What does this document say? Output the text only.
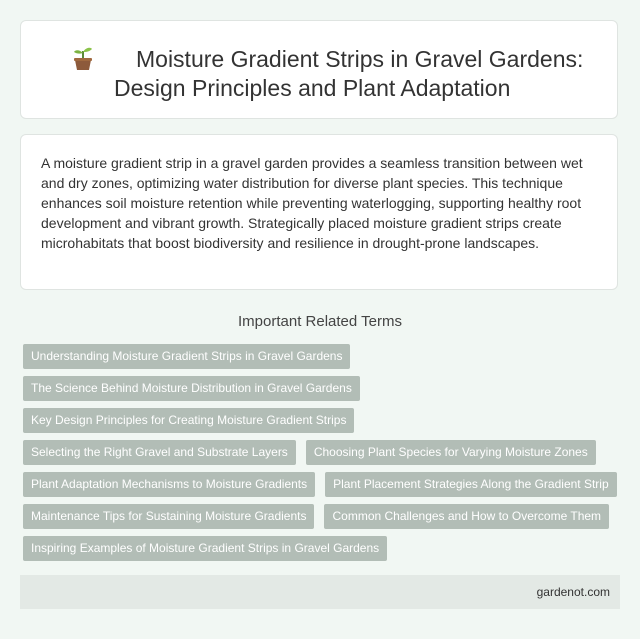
Moisture Gradient Strips in Gravel Gardens: Design Principles and Plant Adaptation

A moisture gradient strip in a gravel garden provides a seamless transition between wet and dry zones, optimizing water distribution for diverse plant species. This technique enhances soil moisture retention while preventing waterlogging, supporting healthy root development and vibrant growth. Strategically placed moisture gradient strips create microhabitats that boost biodiversity and resilience in drought-prone landscapes.

Important Related Terms
Understanding Moisture Gradient Strips in Gravel Gardens
The Science Behind Moisture Distribution in Gravel Gardens
Key Design Principles for Creating Moisture Gradient Strips
Selecting the Right Gravel and Substrate Layers	Choosing Plant Species for Varying Moisture Zones
Plant Adaptation Mechanisms to Moisture Gradients	Plant Placement Strategies Along the Gradient Strip
Maintenance Tips for Sustaining Moisture Gradients	Common Challenges and How to Overcome Them
Inspiring Examples of Moisture Gradient Strips in Gravel Gardens
gardenot.com
